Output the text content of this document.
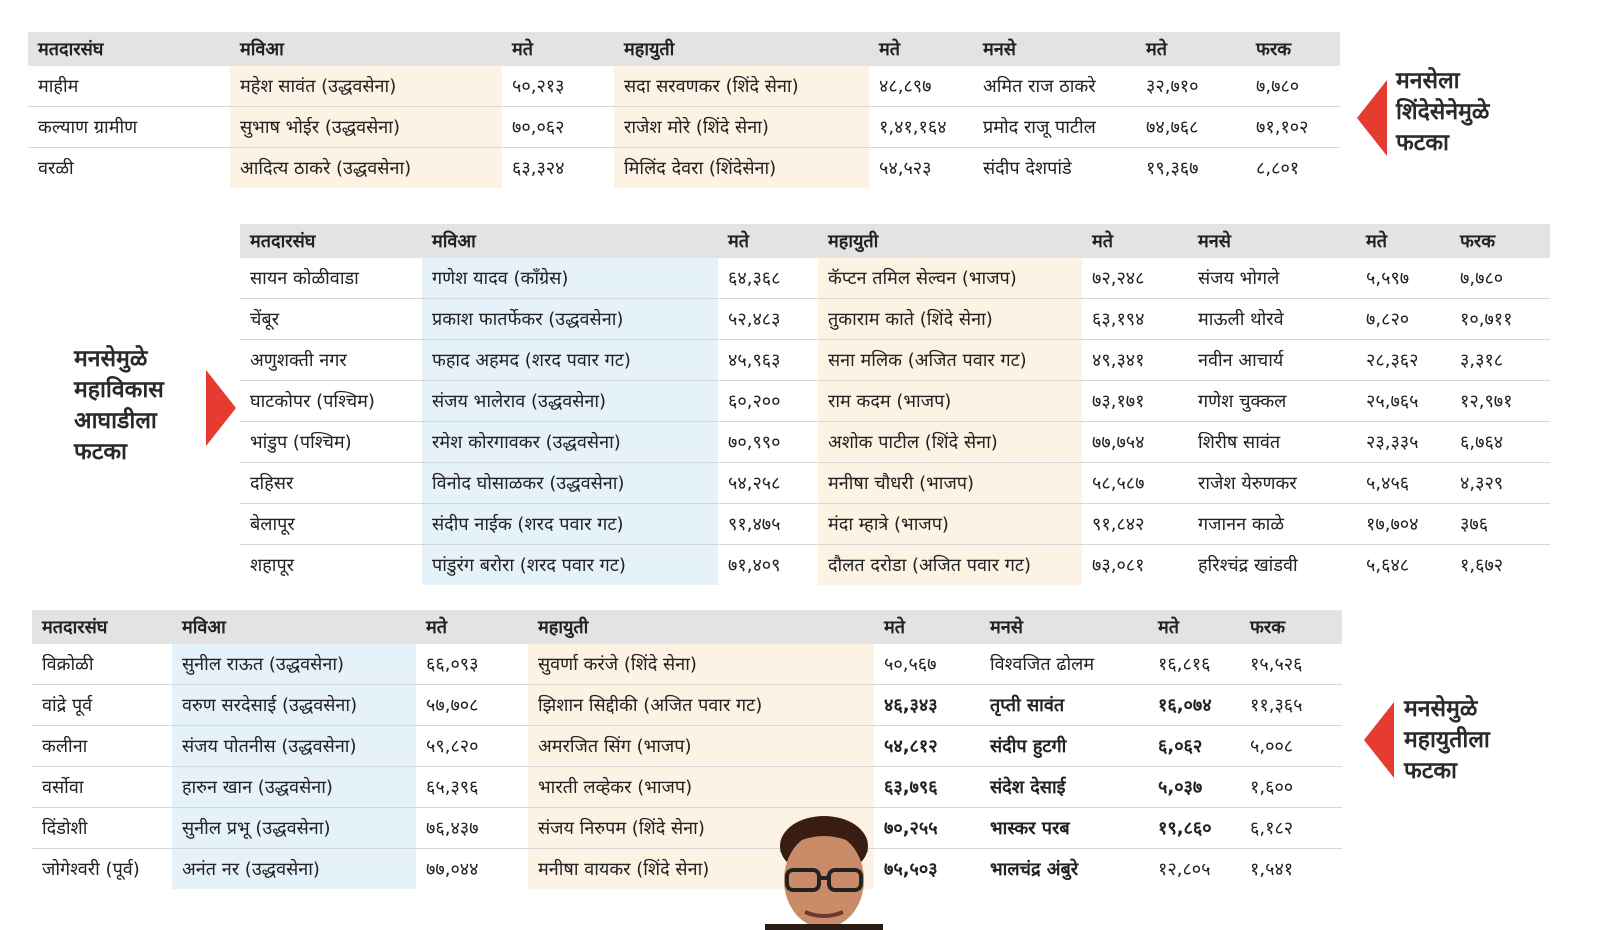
मतदारसंघ	मविआ	मते	महायुती	मते	मनसे	मते	फरक
माहीम	महेश सावंत (उद्धवसेना)	५०,२१३	सदा सरवणकर (शिंदे सेना)	४८,८९७	अमित राज ठाकरे	३२,७१०	७,७८०
कल्याण ग्रामीण	सुभाष भोईर (उद्धवसेना)	७०,०६२	राजेश मोरे (शिंदे सेना)	१,४१,१६४	प्रमोद राजू पाटील	७४,७६८	७१,१०२
वरळी	आदित्य ठाकरे (उद्धवसेना)	६३,३२४	मिलिंद देवरा (शिंदेसेना)	५४,५२३	संदीप देशपांडे	१९,३६७	८,८०१
मनसेला शिंदेसेनेमुळे फटका
मतदारसंघ	मविआ	मते	महायुती	मते	मनसे	मते	फरक
सायन कोळीवाडा	गणेश यादव (काँग्रेस)	६४,३६८	कॅप्टन तमिल सेल्वन (भाजप)	७२,२४८	संजय भोगले	५,५९७	७,७८०
चेंबूर	प्रकाश फातर्फेकर (उद्धवसेना)	५२,४८३	तुकाराम काते (शिंदे सेना)	६३,१९४	माऊली थोरवे	७,८२०	१०,७११
अणुशक्ती नगर	फहाद अहमद (शरद पवार गट)	४५,९६३	सना मलिक (अजित पवार गट)	४९,३४१	नवीन आचार्य	२८,३६२	३,३१८
घाटकोपर (पश्चिम)	संजय भालेराव (उद्धवसेना)	६०,२००	राम कदम (भाजप)	७३,१७१	गणेश चुक्कल	२५,७६५	१२,९७१
भांडुप (पश्चिम)	रमेश कोरगावकर (उद्धवसेना)	७०,९९०	अशोक पाटील (शिंदे सेना)	७७,७५४	शिरीष सावंत	२३,३३५	६,७६४
दहिसर	विनोद घोसाळकर (उद्धवसेना)	५४,२५८	मनीषा चौधरी (भाजप)	५८,५८७	राजेश येरुणकर	५,४५६	४,३२९
बेलापूर	संदीप नाईक (शरद पवार गट)	९१,४७५	मंदा म्हात्रे (भाजप)	९१,८४२	गजानन काळे	१७,७०४	३७६
शहापूर	पांडुरंग बरोरा (शरद पवार गट)	७१,४०९	दौलत दरोडा (अजित पवार गट)	७३,०८१	हरिश्चंद्र खांडवी	५,६४८	१,६७२
मनसेमुळे महाविकास आघाडीला फटका
मतदारसंघ	मविआ	मते	महायुती	मते	मनसे	मते	फरक
विक्रोळी	सुनील राऊत (उद्धवसेना)	६६,०९३	सुवर्णा करंजे (शिंदे सेना)	५०,५६७	विश्वजित ढोलम	१६,८१६	१५,५२६
वांद्रे पूर्व	वरुण सरदेसाई (उद्धवसेना)	५७,७०८	झिशान सिद्दीकी (अजित पवार गट)	४६,३४३	तृप्ती सावंत	१६,०७४	११,३६५
कलीना	संजय पोतनीस (उद्धवसेना)	५९,८२०	अमरजित सिंग (भाजप)	५४,८१२	संदीप हुटगी	६,०६२	५,००८
वर्सोवा	हारुन खान (उद्धवसेना)	६५,३९६	भारती लव्हेकर (भाजप)	६३,७९६	संदेश देसाई	५,०३७	१,६००
दिंडोशी	सुनील प्रभू (उद्धवसेना)	७६,४३७	संजय निरुपम (शिंदे सेना)	७०,२५५	भास्कर परब	१९,८६०	६,१८२
जोगेश्वरी (पूर्व)	अनंत नर (उद्धवसेना)	७७,०४४	मनीषा वायकर (शिंदे सेना)	७५,५०३	भालचंद्र अंबुरे	१२,८०५	१,५४१
मनसेमुळे महायुतीला फटका
